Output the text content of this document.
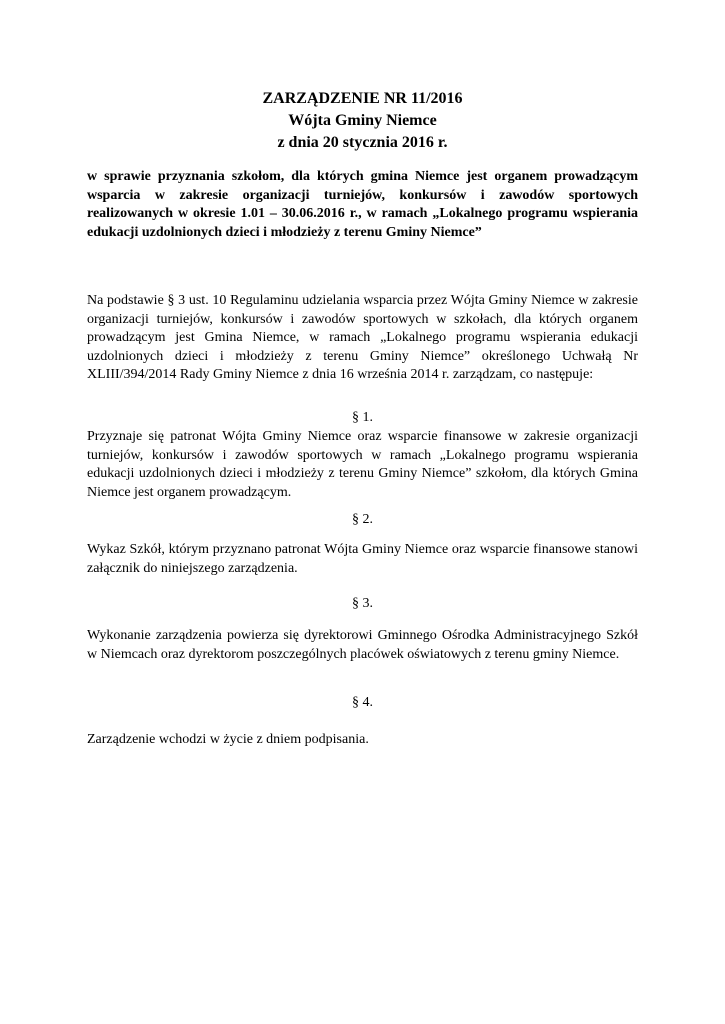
ZARZĄDZENIE NR 11/2016
Wójta Gminy Niemce
z dnia 20 stycznia 2016 r.
w sprawie przyznania szkołom, dla których gmina Niemce jest organem prowadzącym wsparcia w zakresie organizacji turniejów, konkursów i zawodów sportowych realizowanych w okresie 1.01 – 30.06.2016 r., w ramach „Lokalnego programu wspierania edukacji uzdolnionych dzieci i młodzieży z terenu Gminy Niemce”
Na podstawie § 3 ust. 10 Regulaminu udzielania wsparcia przez Wójta Gminy Niemce w zakresie organizacji turniejów, konkursów i zawodów sportowych w szkołach, dla których organem prowadzącym jest Gmina Niemce, w ramach „Lokalnego programu wspierania edukacji uzdolnionych dzieci i młodzieży z terenu Gminy Niemce” określonego Uchwałą Nr XLIII/394/2014 Rady Gminy Niemce z dnia 16 września 2014 r. zarządzam, co następuje:
§ 1.
Przyznaje się patronat Wójta Gminy Niemce oraz wsparcie finansowe w zakresie organizacji turniejów, konkursów i zawodów sportowych w ramach „Lokalnego programu wspierania edukacji uzdolnionych dzieci i młodzieży z terenu Gminy Niemce” szkołom, dla których Gmina Niemce jest organem prowadzącym.
§ 2.
Wykaz Szkół, którym przyznano patronat Wójta Gminy Niemce oraz wsparcie finansowe stanowi załącznik do niniejszego zarządzenia.
§ 3.
Wykonanie zarządzenia powierza się dyrektorowi Gminnego Ośrodka Administracyjnego Szkół w Niemcach oraz dyrektorom poszczególnych placówek oświatowych z terenu gminy Niemce.
§ 4.
Zarządzenie wchodzi w życie z dniem podpisania.
